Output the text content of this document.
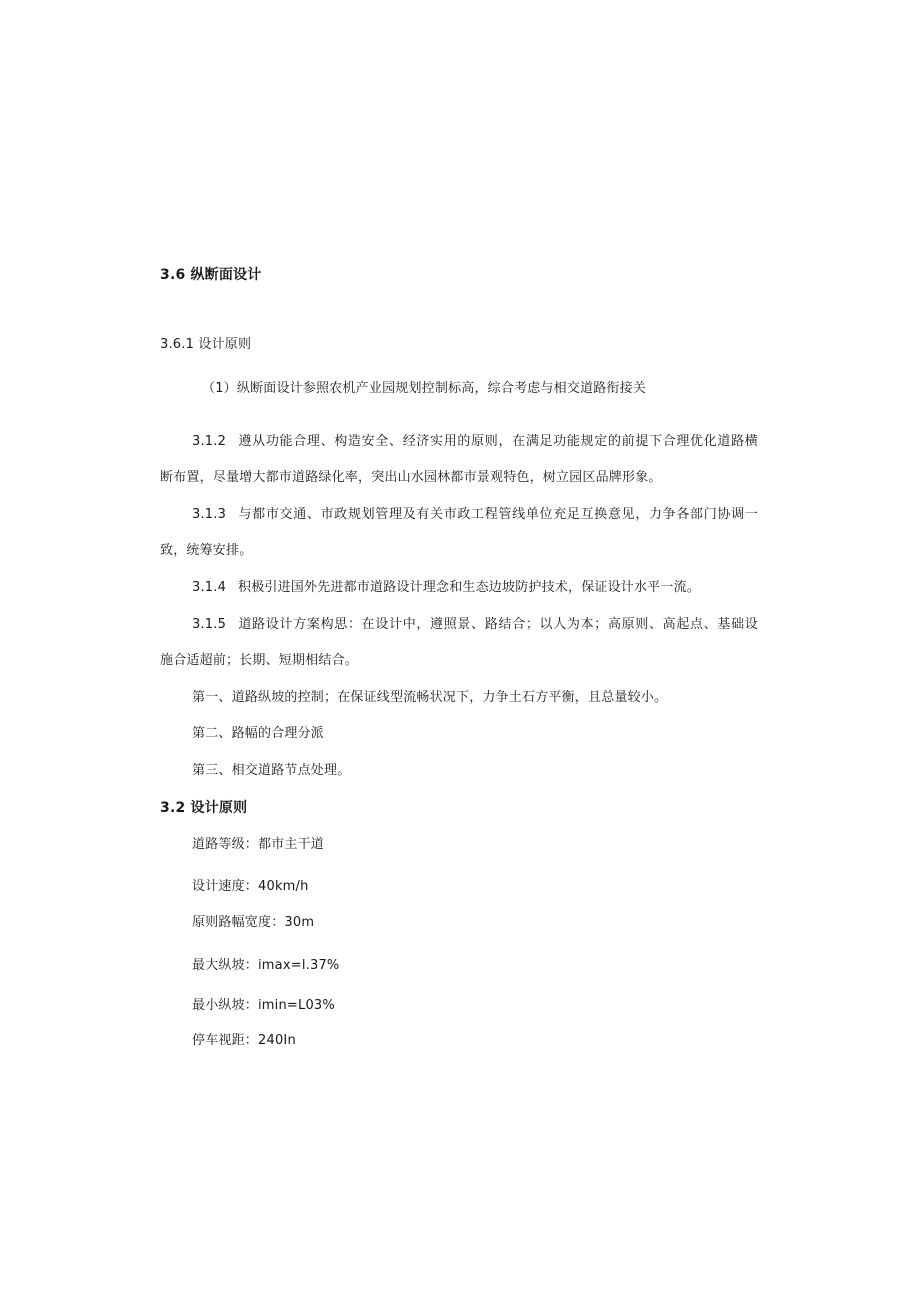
3.6 纵断面设计
3.6.1 设计原则
（1）纵断面设计参照农机产业园规划控制标高，综合考虑与相交道路衔接关
3.1.2 遵从功能合理、构造安全、经济实用的原则，在满足功能规定的前提下合理优化道路横
断布置，尽量增大都市道路绿化率，突出山水园林都市景观特色，树立园区品牌形象。
3.1.3 与都市交通、市政规划管理及有关市政工程管线单位充足互换意见，力争各部门协调一
致，统筹安排。
3.1.4 积极引进国外先进都市道路设计理念和生态边坡防护技术，保证设计水平一流。
3.1.5 道路设计方案构思：在设计中，遵照景、路结合；以人为本；高原则、高起点、基础设
施合适超前；长期、短期相结合。
第一、道路纵坡的控制；在保证线型流畅状况下，力争土石方平衡，且总量较小。
第二、路幅的合理分派
第三、相交道路节点处理。
3.2 设计原则
道路等级：都市主干道
设计速度：40km/h
原则路幅宽度：30m
最大纵坡：imax=l.37%
最小纵坡：imin=L03%
停车视距：240In
